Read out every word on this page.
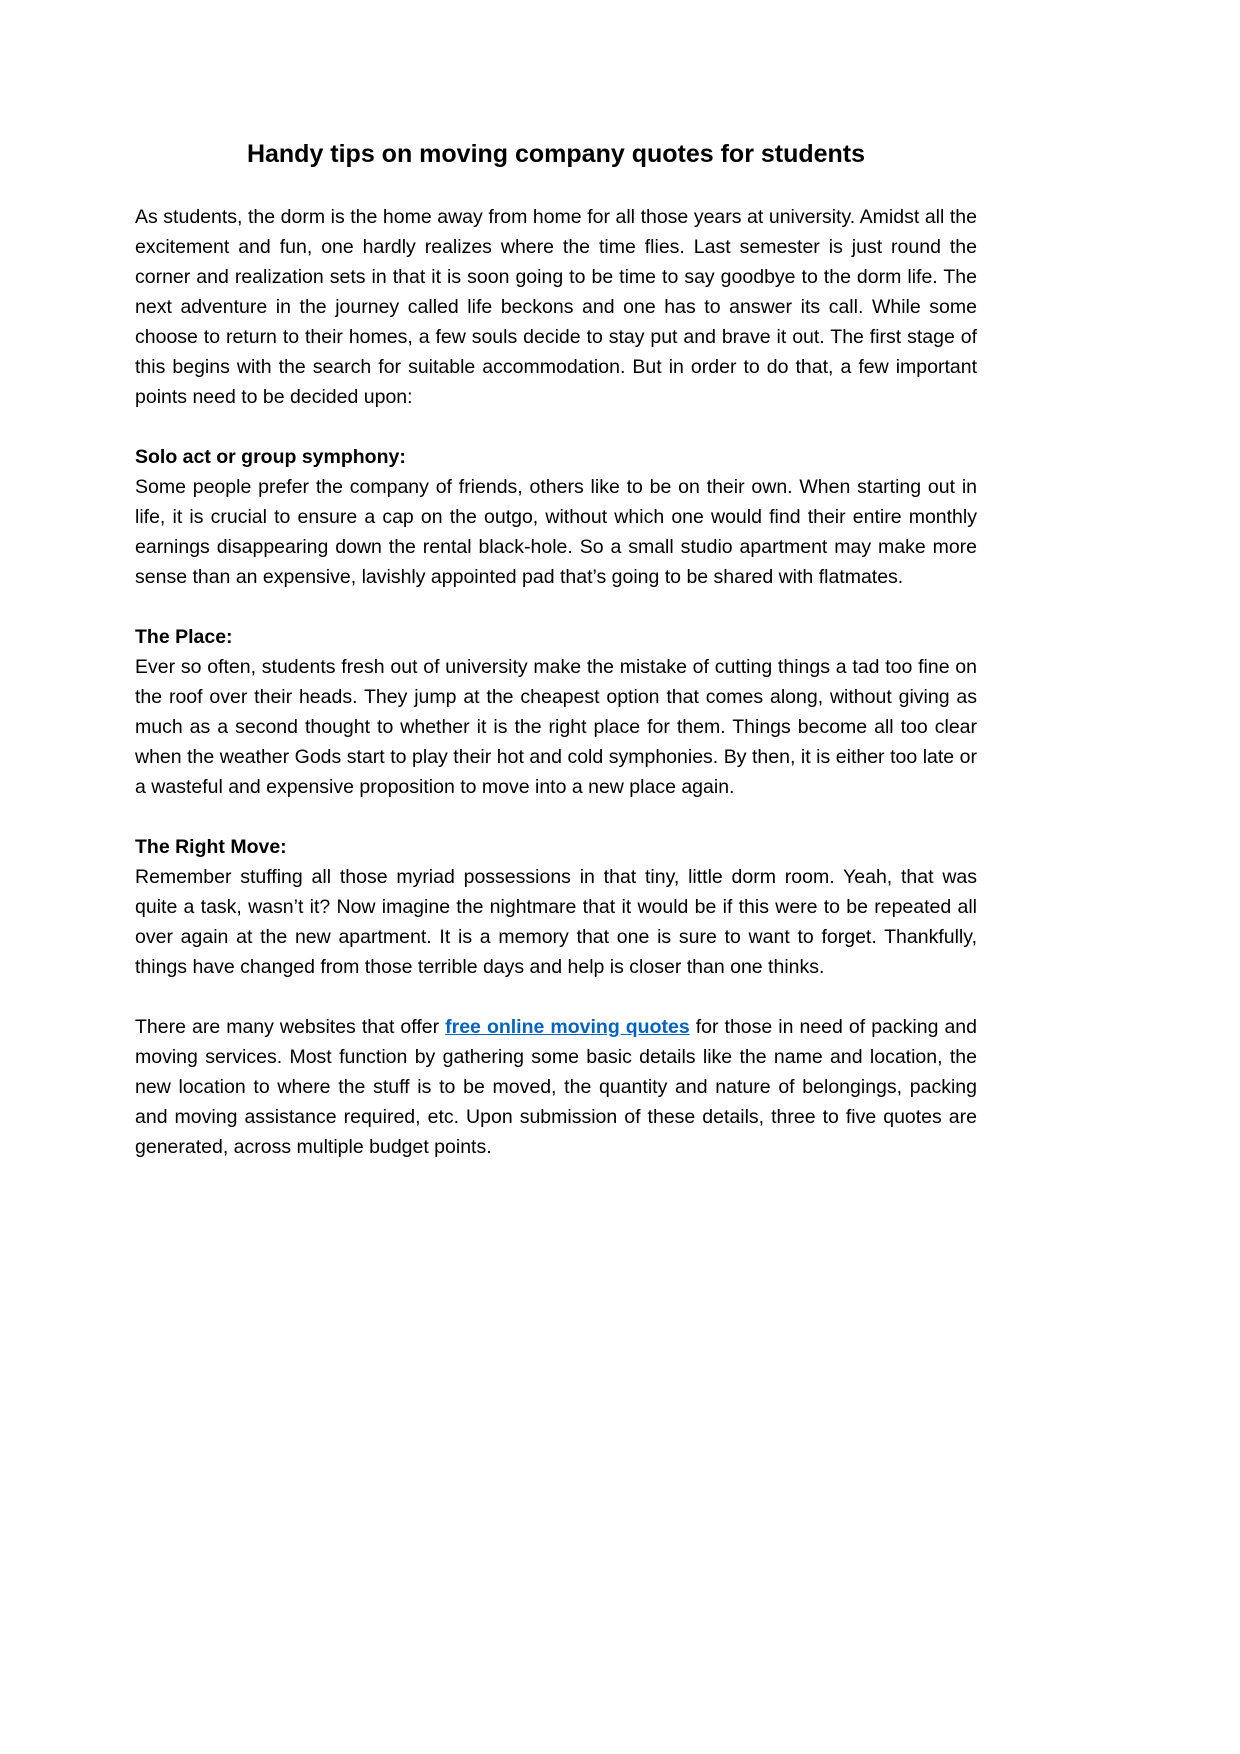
Handy tips on moving company quotes for students

As students, the dorm is the home away from home for all those years at university. Amidst all the excitement and fun, one hardly realizes where the time flies. Last semester is just round the corner and realization sets in that it is soon going to be time to say goodbye to the dorm life. The next adventure in the journey called life beckons and one has to answer its call. While some choose to return to their homes, a few souls decide to stay put and brave it out. The first stage of this begins with the search for suitable accommodation. But in order to do that, a few important points need to be decided upon:

Solo act or group symphony:

Some people prefer the company of friends, others like to be on their own. When starting out in life, it is crucial to ensure a cap on the outgo, without which one would find their entire monthly earnings disappearing down the rental black-hole. So a small studio apartment may make more sense than an expensive, lavishly appointed pad that’s going to be shared with flatmates.

The Place:

Ever so often, students fresh out of university make the mistake of cutting things a tad too fine on the roof over their heads. They jump at the cheapest option that comes along, without giving as much as a second thought to whether it is the right place for them. Things become all too clear when the weather Gods start to play their hot and cold symphonies. By then, it is either too late or a wasteful and expensive proposition to move into a new place again.

The Right Move:

Remember stuffing all those myriad possessions in that tiny, little dorm room. Yeah, that was quite a task, wasn’t it? Now imagine the nightmare that it would be if this were to be repeated all over again at the new apartment. It is a memory that one is sure to want to forget. Thankfully, things have changed from those terrible days and help is closer than one thinks.

There are many websites that offer free online moving quotes for those in need of packing and moving services. Most function by gathering some basic details like the name and location, the new location to where the stuff is to be moved, the quantity and nature of belongings, packing and moving assistance required, etc. Upon submission of these details, three to five quotes are generated, across multiple budget points.
